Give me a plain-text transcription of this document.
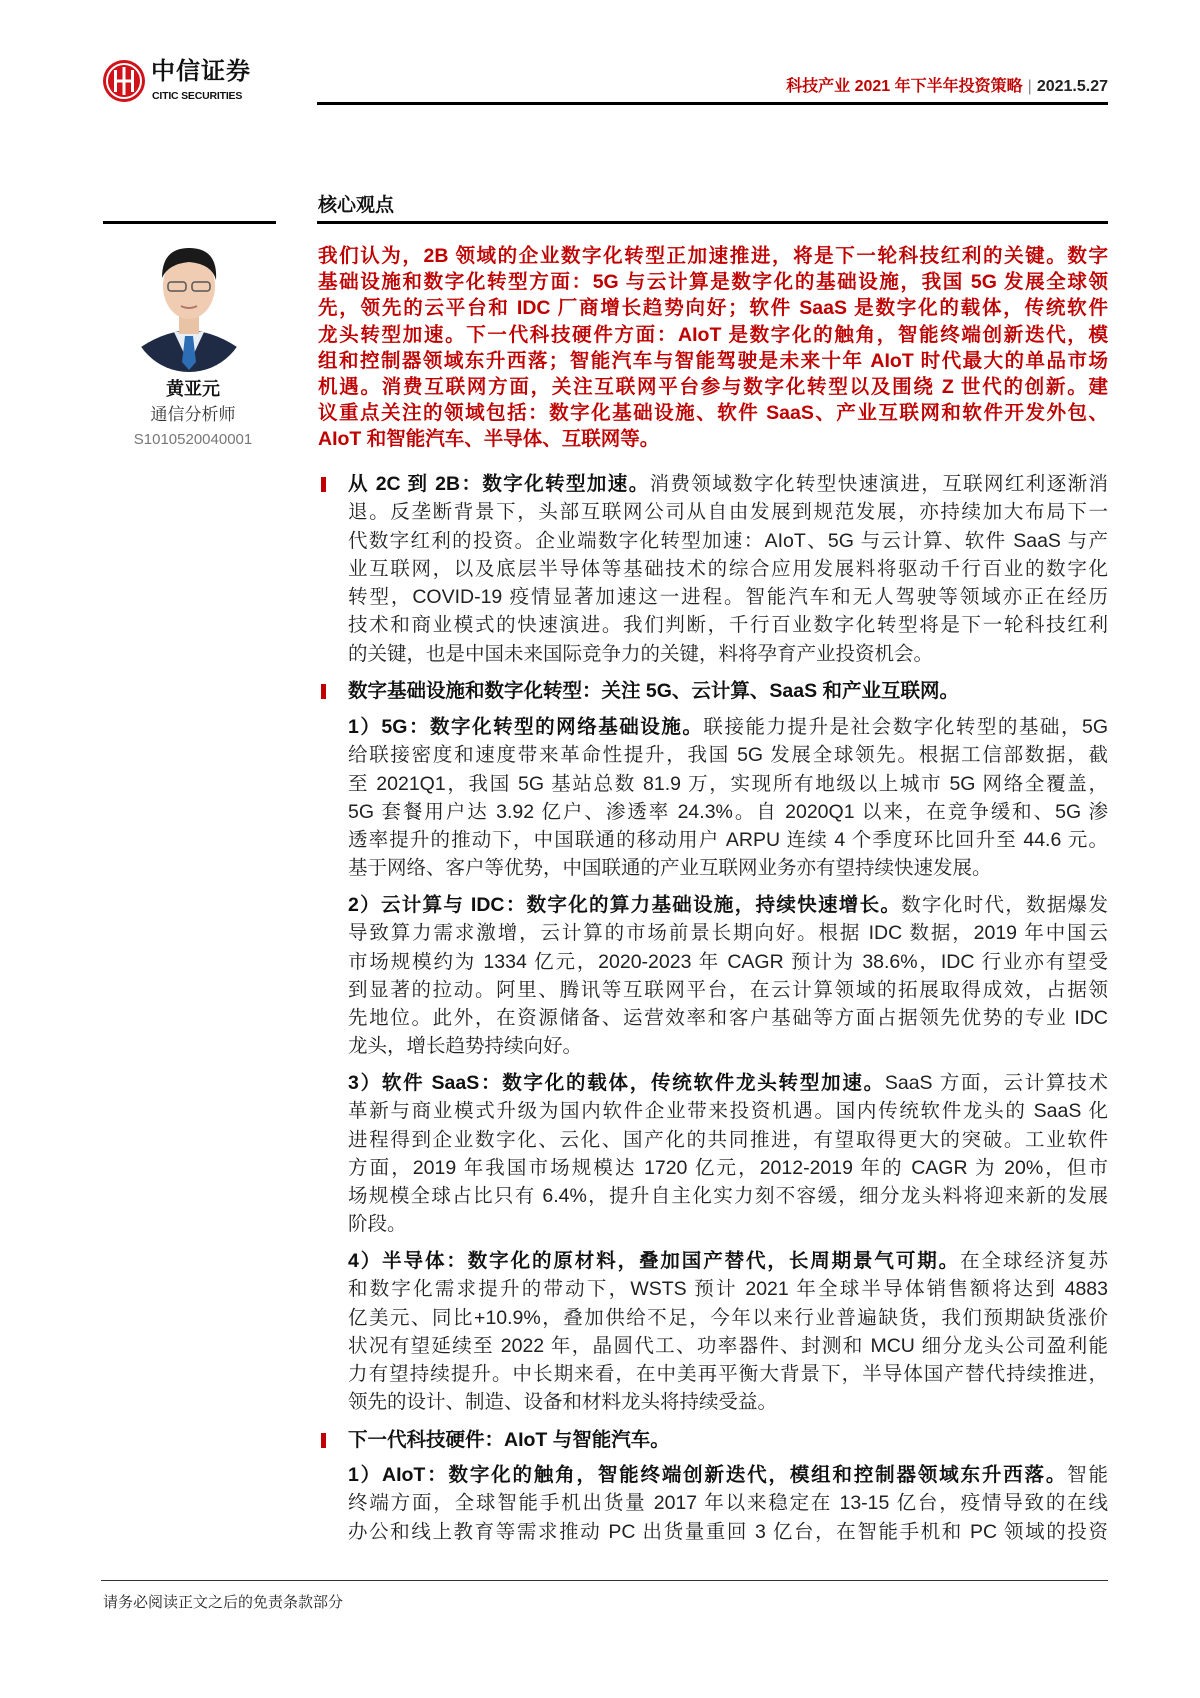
中信证券
CITIC SECURITIES
科技产业 2021 年下半年投资策略 | 2021.5.27
核心观点
黄亚元
通信分析师
S1010520040001
我们认为，2B 领域的企业数字化转型正加速推进，将是下一轮科技红利的关键。数字
基础设施和数字化转型方面：5G 与云计算是数字化的基础设施，我国 5G 发展全球领
先，领先的云平台和 IDC 厂商增长趋势向好；软件 SaaS 是数字化的载体，传统软件
龙头转型加速。下一代科技硬件方面：AIoT 是数字化的触角，智能终端创新迭代，模
组和控制器领域东升西落；智能汽车与智能驾驶是未来十年 AIoT 时代最大的单品市场
机遇。消费互联网方面，关注互联网平台参与数字化转型以及围绕 Z 世代的创新。建
议重点关注的领域包括：数字化基础设施、软件 SaaS、产业互联网和软件开发外包、
AIoT 和智能汽车、半导体、互联网等。
从 2C 到 2B：数字化转型加速。消费领域数字化转型快速演进，互联网红利逐渐消
退。反垄断背景下，头部互联网公司从自由发展到规范发展，亦持续加大布局下一
代数字红利的投资。企业端数字化转型加速：AIoT、5G 与云计算、软件 SaaS 与产
业互联网，以及底层半导体等基础技术的综合应用发展料将驱动千行百业的数字化
转型，COVID-19 疫情显著加速这一进程。智能汽车和无人驾驶等领域亦正在经历
技术和商业模式的快速演进。我们判断，千行百业数字化转型将是下一轮科技红利
的关键，也是中国未来国际竞争力的关键，料将孕育产业投资机会。
数字基础设施和数字化转型：关注 5G、云计算、SaaS 和产业互联网。
1）5G：数字化转型的网络基础设施。联接能力提升是社会数字化转型的基础，5G
给联接密度和速度带来革命性提升，我国 5G 发展全球领先。根据工信部数据，截
至 2021Q1，我国 5G 基站总数 81.9 万，实现所有地级以上城市 5G 网络全覆盖，
5G 套餐用户达 3.92 亿户、渗透率 24.3%。自 2020Q1 以来，在竞争缓和、5G 渗
透率提升的推动下，中国联通的移动用户 ARPU 连续 4 个季度环比回升至 44.6 元。
基于网络、客户等优势，中国联通的产业互联网业务亦有望持续快速发展。
2）云计算与 IDC：数字化的算力基础设施，持续快速增长。数字化时代，数据爆发
导致算力需求激增，云计算的市场前景长期向好。根据 IDC 数据，2019 年中国云
市场规模约为 1334 亿元，2020-2023 年 CAGR 预计为 38.6%，IDC 行业亦有望受
到显著的拉动。阿里、腾讯等互联网平台，在云计算领域的拓展取得成效，占据领
先地位。此外，在资源储备、运营效率和客户基础等方面占据领先优势的专业 IDC
龙头，增长趋势持续向好。
3）软件 SaaS：数字化的载体，传统软件龙头转型加速。SaaS 方面，云计算技术
革新与商业模式升级为国内软件企业带来投资机遇。国内传统软件龙头的 SaaS 化
进程得到企业数字化、云化、国产化的共同推进，有望取得更大的突破。工业软件
方面，2019 年我国市场规模达 1720 亿元，2012-2019 年的 CAGR 为 20%，但市
场规模全球占比只有 6.4%，提升自主化实力刻不容缓，细分龙头料将迎来新的发展
阶段。
4）半导体：数字化的原材料，叠加国产替代，长周期景气可期。在全球经济复苏
和数字化需求提升的带动下，WSTS 预计 2021 年全球半导体销售额将达到 4883
亿美元、同比+10.9%，叠加供给不足，今年以来行业普遍缺货，我们预期缺货涨价
状况有望延续至 2022 年，晶圆代工、功率器件、封测和 MCU 细分龙头公司盈利能
力有望持续提升。中长期来看，在中美再平衡大背景下，半导体国产替代持续推进，
领先的设计、制造、设备和材料龙头将持续受益。
下一代科技硬件：AIoT 与智能汽车。
1）AIoT：数字化的触角，智能终端创新迭代，模组和控制器领域东升西落。智能
终端方面，全球智能手机出货量 2017 年以来稳定在 13-15 亿台，疫情导致的在线
办公和线上教育等需求推动 PC 出货量重回 3 亿台，在智能手机和 PC 领域的投资
请务必阅读正文之后的免责条款部分
